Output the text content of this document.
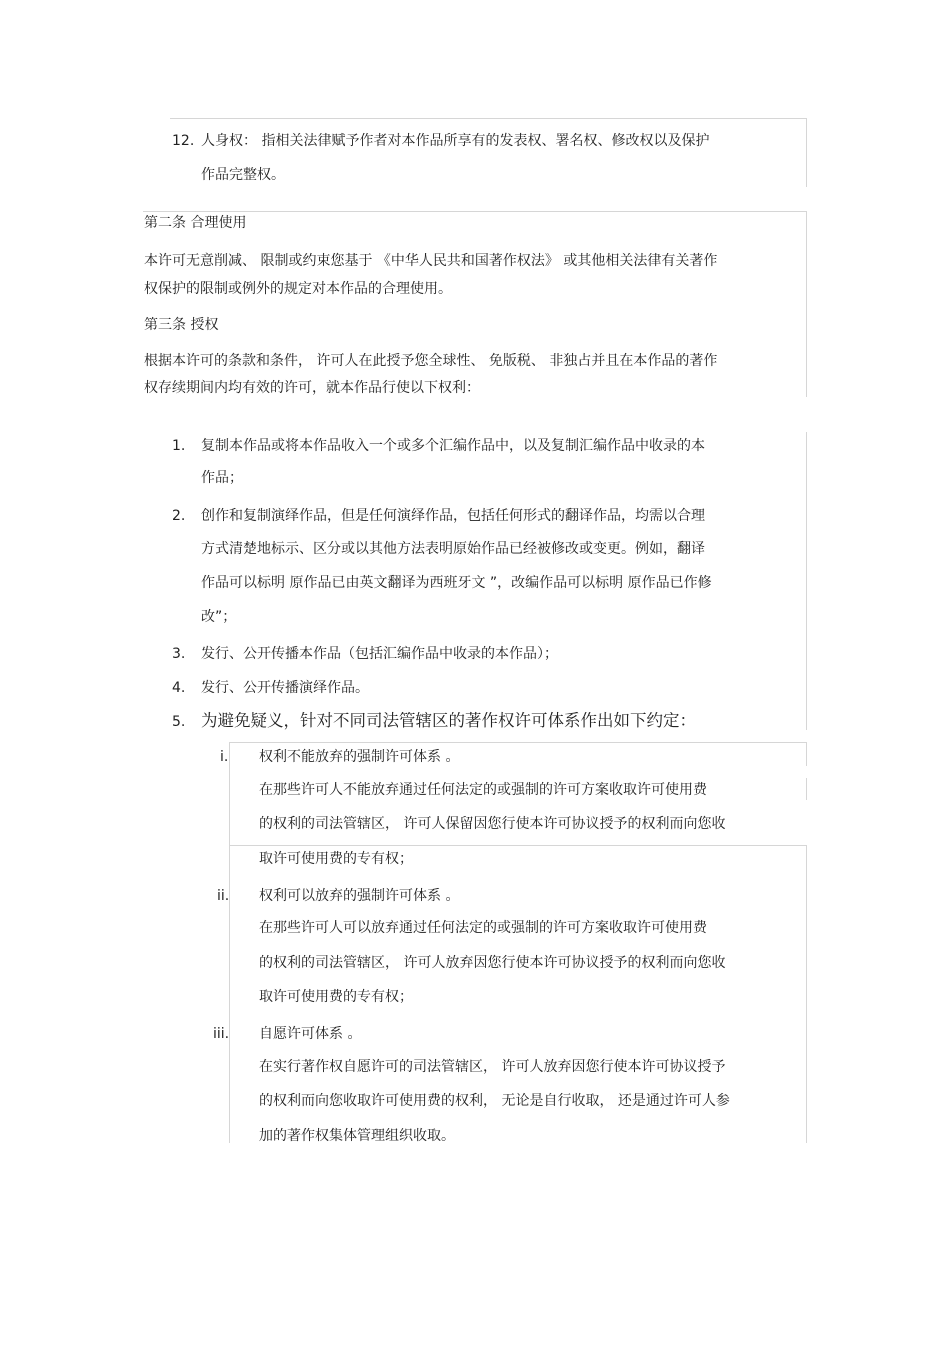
12. 人身权： 指相关法律赋予作者对本作品所享有的发表权、署名权、修改权以及保护
作品完整权。
第二条 合理使用
本许可无意削减、 限制或约束您基于 《中华人民共和国著作权法》 或其他相关法律有关著作
权保护的限制或例外的规定对本作品的合理使用。
第三条 授权
根据本许可的条款和条件， 许可人在此授予您全球性、 免版税、 非独占并且在本作品的著作
权存续期间内均有效的许可，就本作品行使以下权利：
1. 复制本作品或将本作品收入一个或多个汇编作品中，以及复制汇编作品中收录的本
作品；
2. 创作和复制演绎作品，但是任何演绎作品，包括任何形式的翻译作品，均需以合理
方式清楚地标示、区分或以其他方法表明原始作品已经被修改或变更。例如，翻译
作品可以标明 原作品已由英文翻译为西班牙文 ”，改编作品可以标明 原作品已作修
改”；
3. 发行、公开传播本作品（包括汇编作品中收录的本作品）；
4. 发行、公开传播演绎作品。
5. 为避免疑义，针对不同司法管辖区的著作权许可体系作出如下约定：
i. 权利不能放弃的强制许可体系 。
在那些许可人不能放弃通过任何法定的或强制的许可方案收取许可使用费
的权利的司法管辖区， 许可人保留因您行使本许可协议授予的权利而向您收
取许可使用费的专有权；
ii. 权利可以放弃的强制许可体系 。
在那些许可人可以放弃通过任何法定的或强制的许可方案收取许可使用费
的权利的司法管辖区， 许可人放弃因您行使本许可协议授予的权利而向您收
取许可使用费的专有权；
iii. 自愿许可体系 。
在实行著作权自愿许可的司法管辖区， 许可人放弃因您行使本许可协议授予
的权利而向您收取许可使用费的权利， 无论是自行收取， 还是通过许可人参
加的著作权集体管理组织收取。
